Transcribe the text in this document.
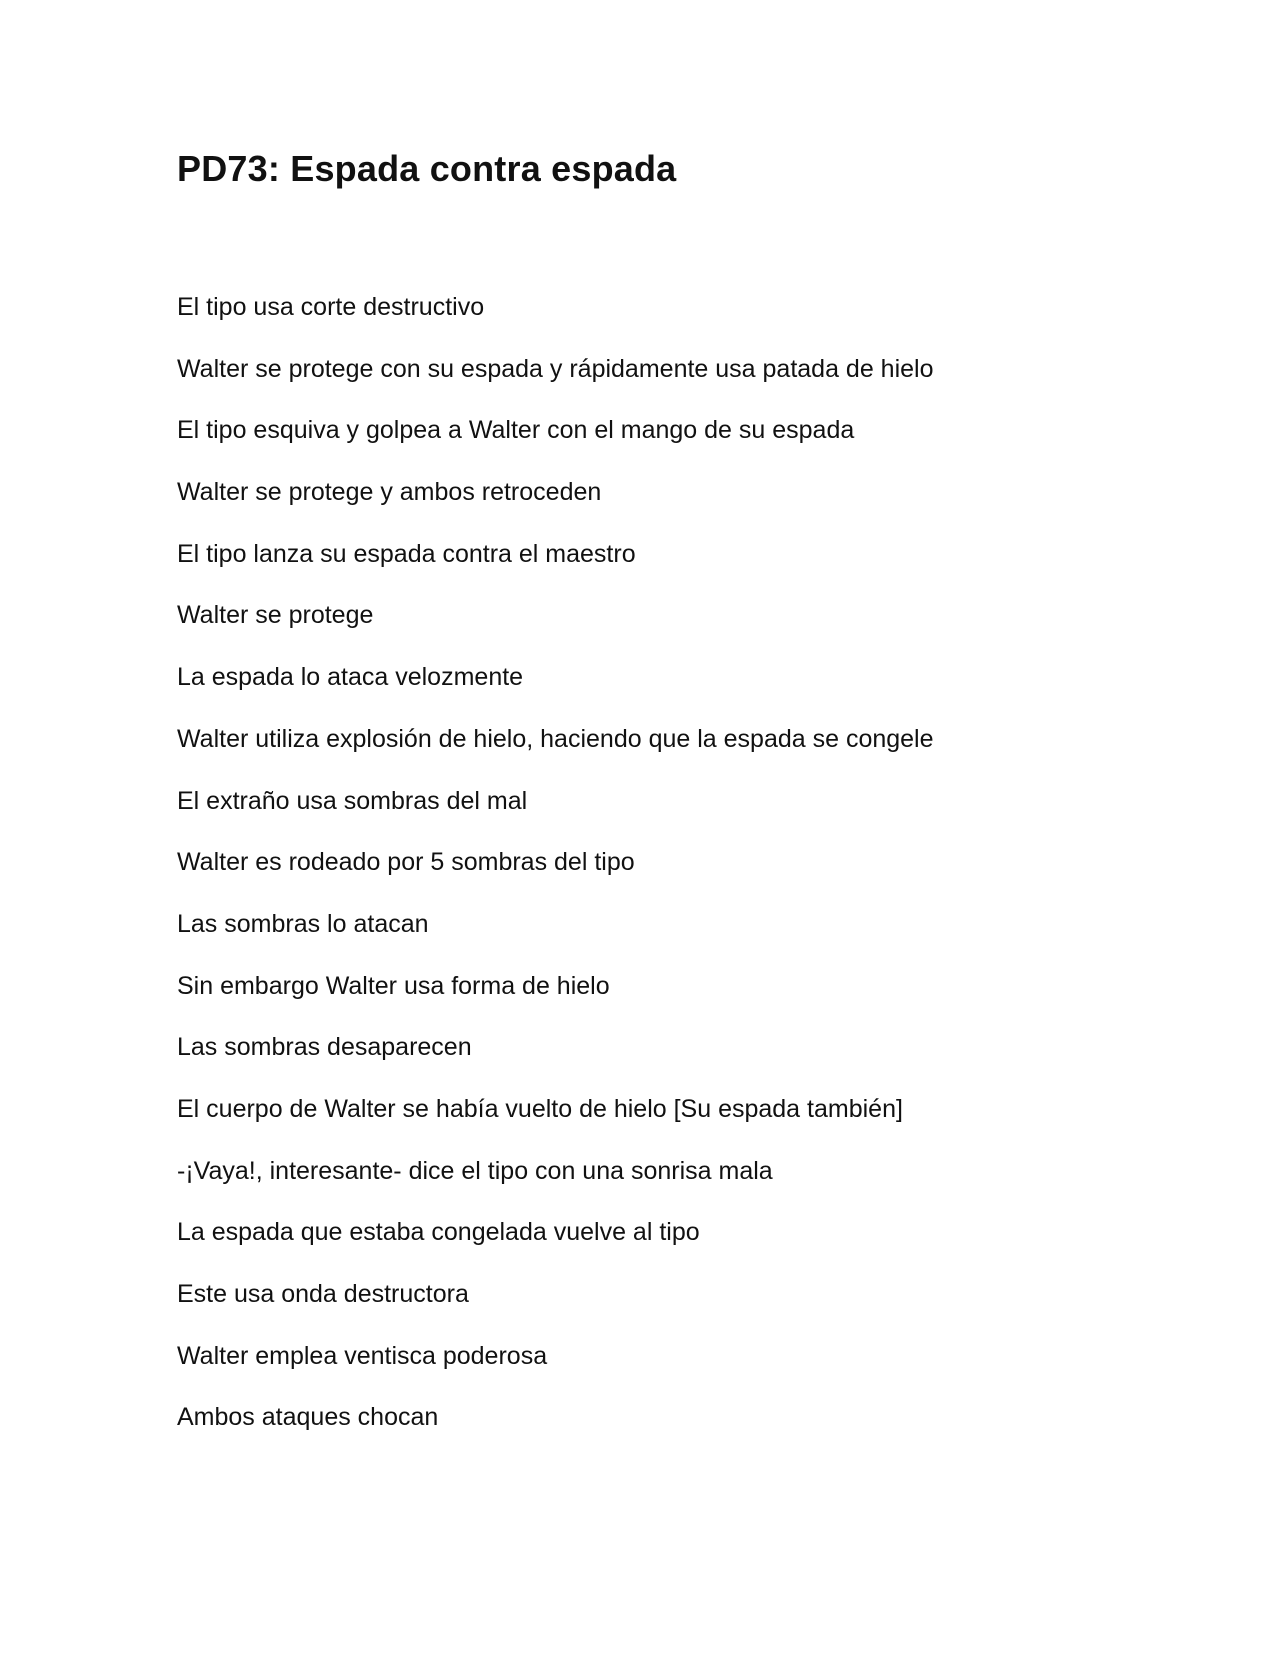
PD73: Espada contra espada
El tipo usa corte destructivo
Walter se protege con su espada y rápidamente usa patada de hielo
El tipo esquiva y golpea a Walter con el mango de su espada
Walter se protege y ambos retroceden
El tipo lanza su espada contra el maestro
Walter se protege
La espada lo ataca velozmente
Walter utiliza explosión de hielo, haciendo que la espada se congele
El extraño usa sombras del mal
Walter es rodeado por 5 sombras del tipo
Las sombras lo atacan
Sin embargo Walter usa forma de hielo
Las sombras desaparecen
El cuerpo de Walter se había vuelto de hielo [Su espada también]
-¡Vaya!, interesante- dice el tipo con una sonrisa mala
La espada que estaba congelada vuelve al tipo
Este usa onda destructora
Walter emplea ventisca poderosa
Ambos ataques chocan
